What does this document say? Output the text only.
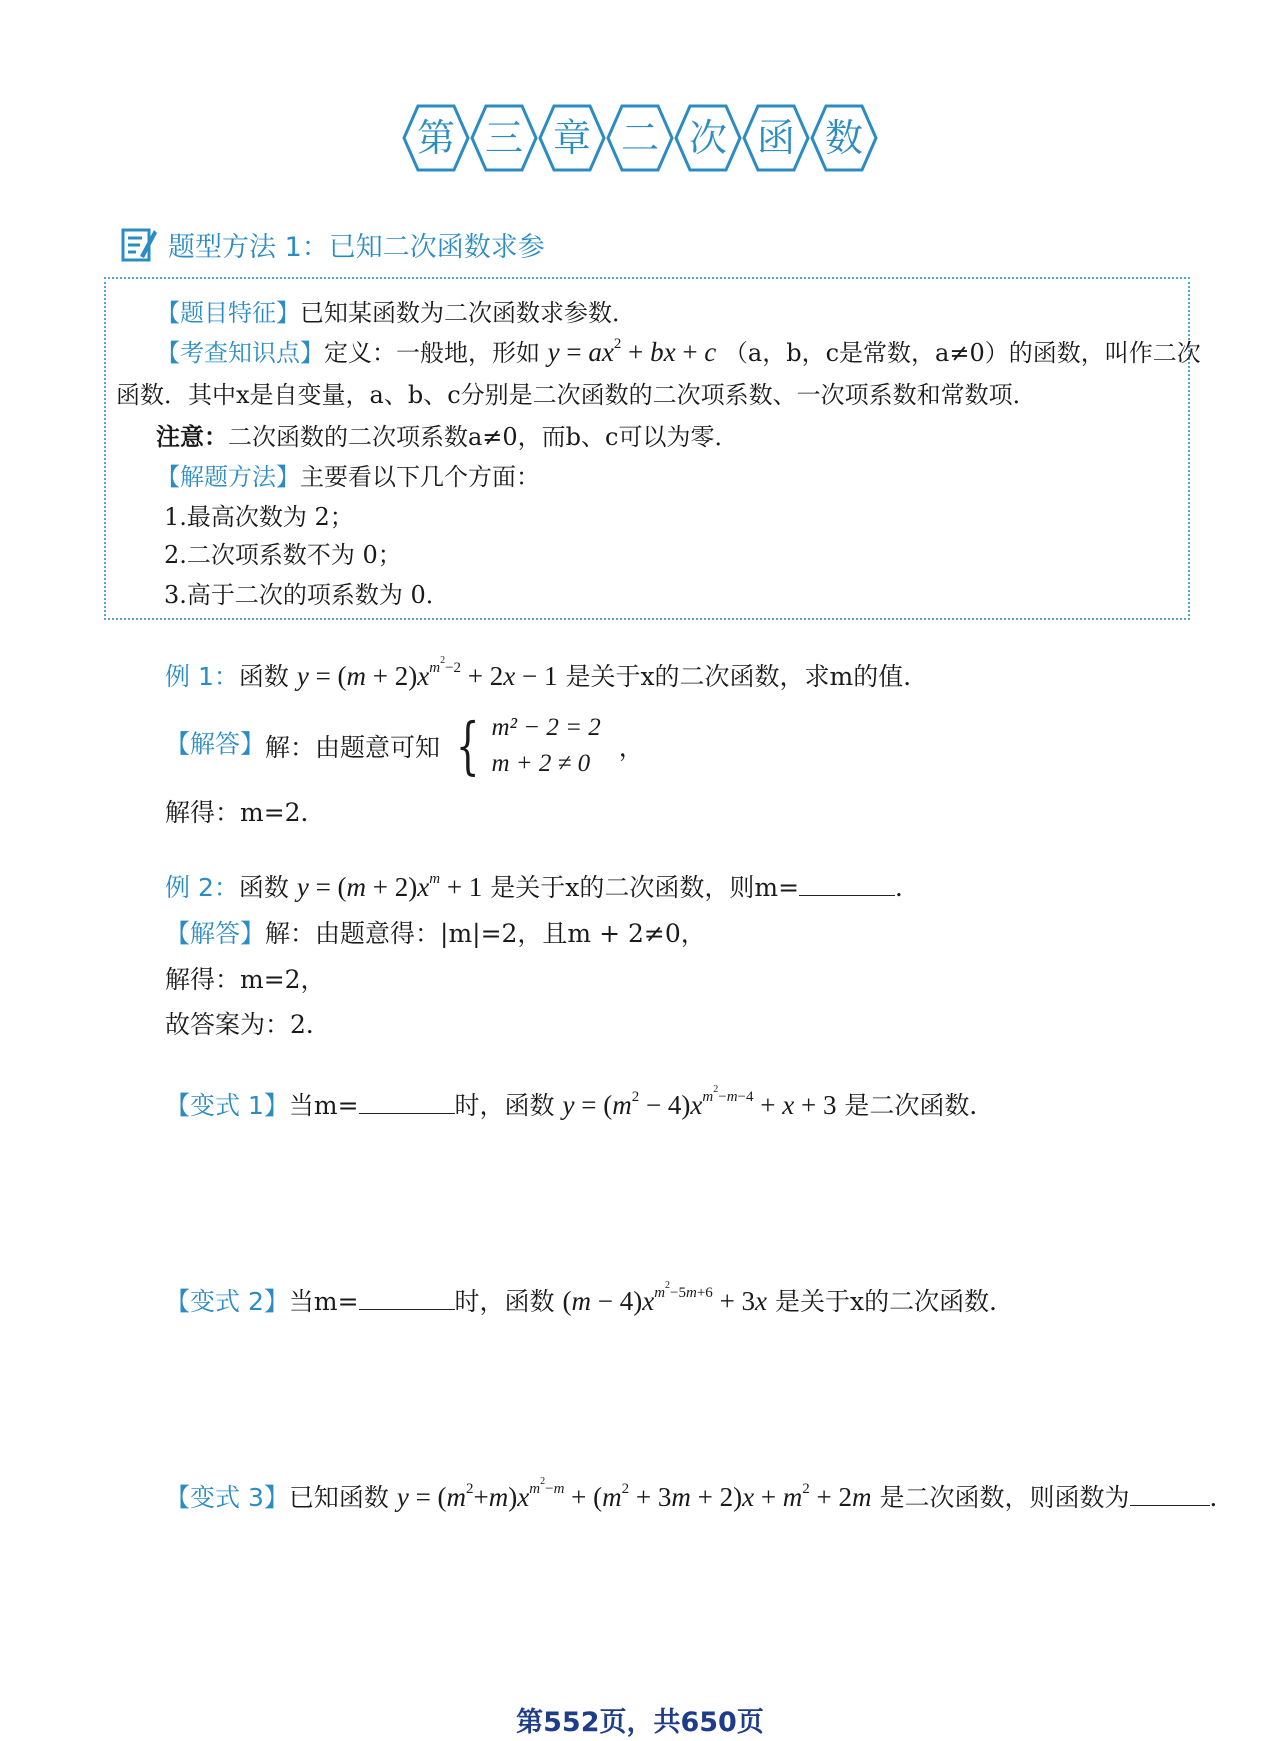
第 三 章 二 次 函 数
题型方法 1：已知二次函数求参
【题目特征】已知某函数为二次函数求参数．
【考查知识点】定义：一般地，形如 $y = ax^2$ + bx + c （a，b，c是常数，a≠0）的函数，叫作二次
函数．其中x是自变量，a、b、c分别是二次函数的二次项系数、一次项系数和常数项．
注意：二次函数的二次项系数a≠0，而b、c可以为零．
【解题方法】主要看以下几个方面：
1.最高次数为 2；
2.二次项系数不为 0；
3.高于二次的项系数为 0．
例 1：函数 $y = (m + 2)x^{m^2-2} + 2x - 1$ 是关于x的二次函数，求m的值．
【解答】解：由题意可知 { m² − 2 = 2
m + 2 ≠ 0
，
解得：m=2．
例 2：函数 $y = (m + 2)x^m + 1$ 是关于x的二次函数，则m=	．
【解答】解：由题意得：|m|=2，且m + 2≠0，
解得：m=2，
故答案为：2．
【变式 1】当m=	时，函数 $y = (m^2 - 4)x^{m^2-m-4} + x + 3$ 是二次函数．
【变式 2】当m=	时，函数 $(m - 4)x^{m^2-5m+6} + 3x$ 是关于x的二次函数．
【变式 3】已知函数 $y = (m^2+m)x^{m^2-m} + (m^2 + 3m + 2)x + m^2 + 2m$ 是二次函数，则函数为	．
第552页，共650页
